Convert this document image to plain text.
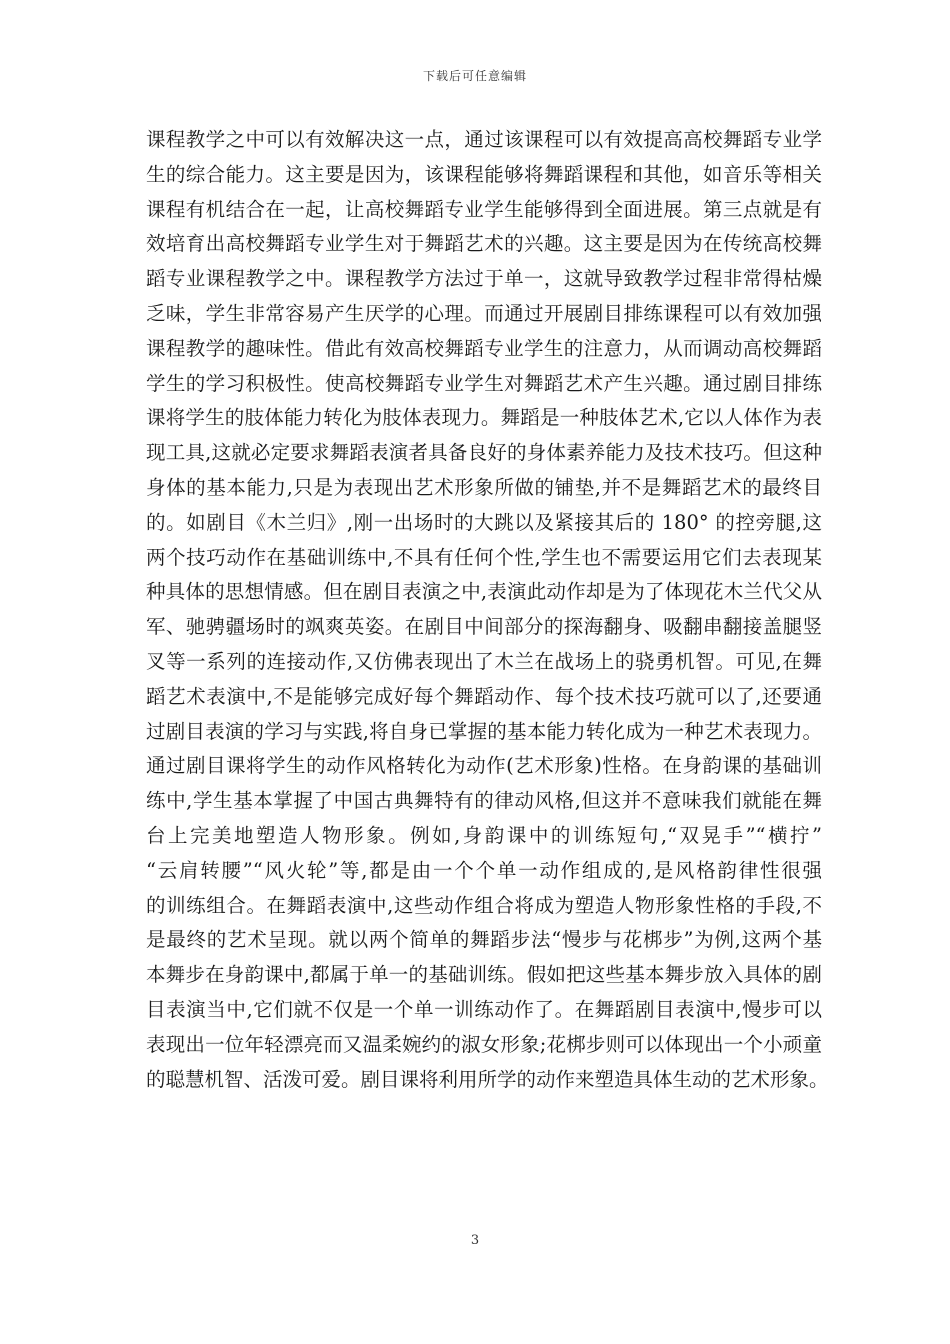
下载后可任意编辑
课程教学之中可以有效解决这一点，通过该课程可以有效提高高校舞蹈专业学
生的综合能力。这主要是因为，该课程能够将舞蹈课程和其他，如音乐等相关
课程有机结合在一起，让高校舞蹈专业学生能够得到全面进展。第三点就是有
效培育出高校舞蹈专业学生对于舞蹈艺术的兴趣。这主要是因为在传统高校舞
蹈专业课程教学之中。课程教学方法过于单一，这就导致教学过程非常得枯燥
乏味，学生非常容易产生厌学的心理。而通过开展剧目排练课程可以有效加强
课程教学的趣味性。借此有效高校舞蹈专业学生的注意力，从而调动高校舞蹈
学生的学习积极性。使高校舞蹈专业学生对舞蹈艺术产生兴趣。通过剧目排练
课将学生的肢体能力转化为肢体表现力。舞蹈是一种肢体艺术,它以人体作为表
现工具,这就必定要求舞蹈表演者具备良好的身体素养能力及技术技巧。但这种
身体的基本能力,只是为表现出艺术形象所做的铺垫,并不是舞蹈艺术的最终目
的。如剧目《木兰归》,刚一出场时的大跳以及紧接其后的 180° 的控旁腿,这
两个技巧动作在基础训练中,不具有任何个性,学生也不需要运用它们去表现某
种具体的思想情感。但在剧目表演之中,表演此动作却是为了体现花木兰代父从
军、驰骋疆场时的飒爽英姿。在剧目中间部分的探海翻身、吸翻串翻接盖腿竖
叉等一系列的连接动作,又仿佛表现出了木兰在战场上的骁勇机智。可见,在舞
蹈艺术表演中,不是能够完成好每个舞蹈动作、每个技术技巧就可以了,还要通
过剧目表演的学习与实践,将自身已掌握的基本能力转化成为一种艺术表现力。
通过剧目课将学生的动作风格转化为动作(艺术形象)性格。在身韵课的基础训
练中,学生基本掌握了中国古典舞特有的律动风格,但这并不意味我们就能在舞
台上完美地塑造人物形象。例如,身韵课中的训练短句,“双晃手”“横拧”
“云肩转腰”“风火轮”等,都是由一个个单一动作组成的,是风格韵律性很强
的训练组合。在舞蹈表演中,这些动作组合将成为塑造人物形象性格的手段,不
是最终的艺术呈现。就以两个简单的舞蹈步法“慢步与花梆步”为例,这两个基
本舞步在身韵课中,都属于单一的基础训练。假如把这些基本舞步放入具体的剧
目表演当中,它们就不仅是一个单一训练动作了。在舞蹈剧目表演中,慢步可以
表现出一位年轻漂亮而又温柔婉约的淑女形象;花梆步则可以体现出一个小顽童
的聪慧机智、活泼可爱。剧目课将利用所学的动作来塑造具体生动的艺术形象。
3
